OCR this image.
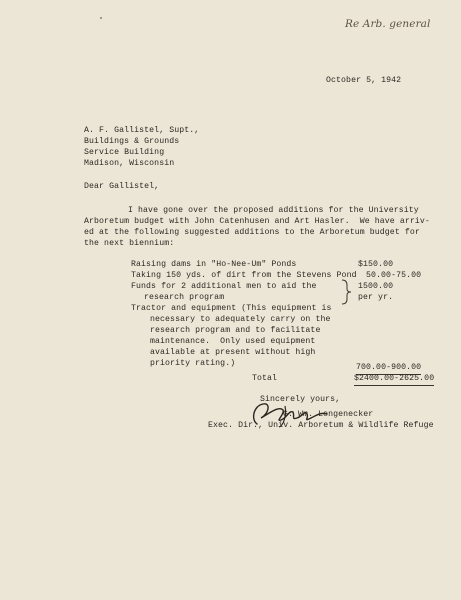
Re Arb. general
October 5, 1942
A. F. Gallistel, Supt.,
Buildings & Grounds
Service Building
Madison, Wisconsin
Dear Gallistel,
I have gone over the proposed additions for the University
Arboretum budget with John Catenhusen and Art Hasler.  We have arriv-
ed at the following suggested additions to the Arboretum budget for
the next biennium:
Raising dams in "Ho-Nee-Um" Ponds	$150.00
Taking 150 yds. of dirt from the Stevens Pond 50.00-75.00
Funds for 2 additional men to aid the	1500.00
research program	per yr.
Tractor and equipment (This equipment is
necessary to adequately carry on the
research program and to facilitate
maintenance.  Only used equipment
available at present without high
priority rating.)	700.00-900.00
Total	$2400.00-2625.00
Sincerely yours,
G. Wm. Longenecker
Exec. Dir., Univ. Arboretum & Wildlife Refuge
